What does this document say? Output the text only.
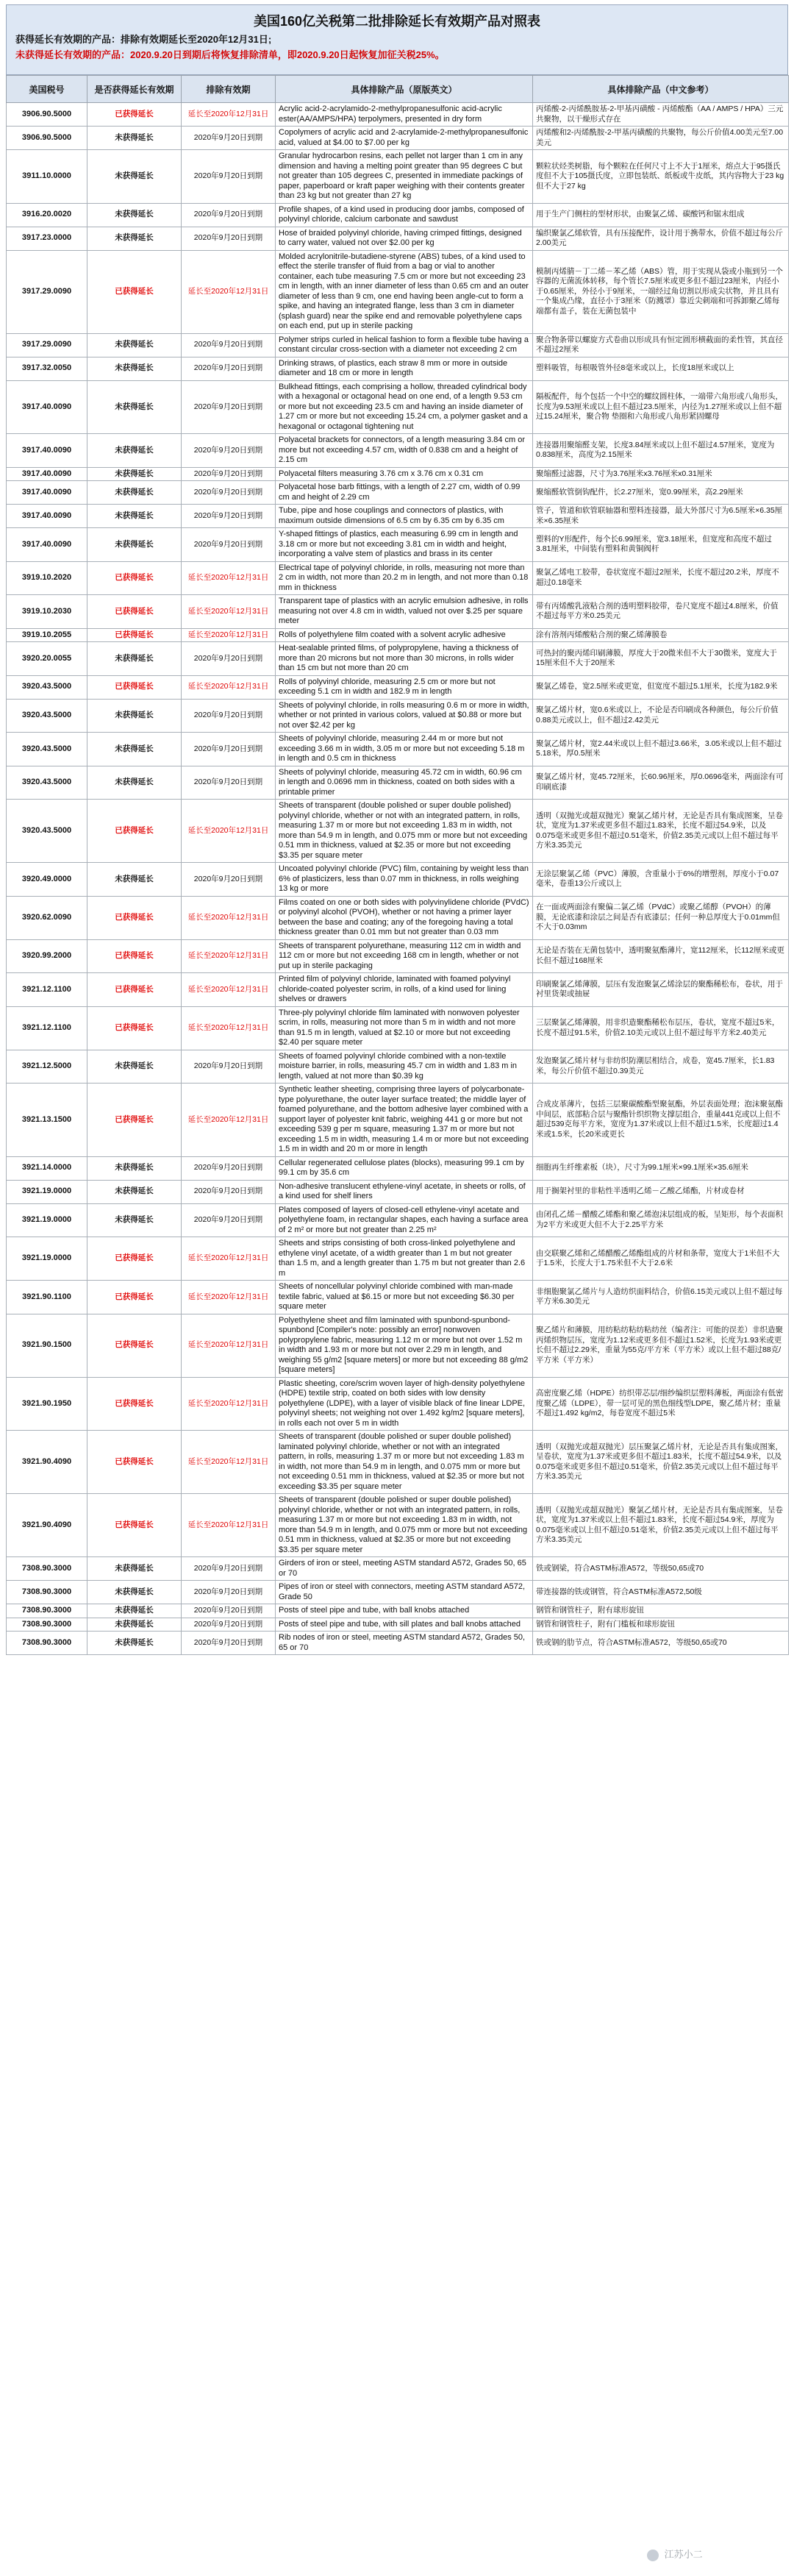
美国160亿关税第二批排除延长有效期产品对照表
获得延长有效期的产品：排除有效期延长至2020年12月31日;
未获得延长有效期的产品：2020.9.20日到期后将恢复排除清单，即2020.9.20日起恢复加征关税25%。
美国税号	是否获得延长有效期	排除有效期	具体排除产品（原版英文）	具体排除产品（中文参考）
3906.90.5000	已获得延长	延长至2020年12月31日	Acrylic acid-2-acrylamido-2-methylpropanesulfonic acid-acrylic ester(AA/AMPS/HPA) terpolymers, presented in dry form	丙烯酸-2-丙烯酰胺基-2-甲基丙磺酸 - 丙烯酸酯（AA / AMPS / HPA）三元共聚物，以干燥形式存在
3906.90.5000	未获得延长	2020年9月20日到期	Copolymers of acrylic acid and 2-acrylamide-2-methylpropanesulfonic acid, valued at $4.00 to $7.00 per kg	丙烯酸和2-丙烯酰胺-2-甲基丙磺酸的共聚物，每公斤价值4.00美元至7.00美元
3911.10.0000	未获得延长	2020年9月20日到期	Granular hydrocarbon resins, each pellet not larger than 1 cm in any dimension and having a melting point greater than 95 degrees C but not greater than 105 degrees C, presented in immediate packings of paper, paperboard or kraft paper weighing with their contents greater than 23 kg but not greater than 27 kg	颗粒状烃类树脂，每个颗粒在任何尺寸上不大于1厘米，熔点大于95摄氏度但不大于105摄氏度，立即包装纸、纸板或牛皮纸，其内容物大于23 kg但不大于27 kg
3916.20.0020	未获得延长	2020年9月20日到期	Profile shapes, of a kind used in producing door jambs, composed of polyvinyl chloride, calcium carbonate and sawdust	用于生产门侧柱的型材形状，由聚氯乙烯、碳酸钙和锯末组成
3917.23.0000	未获得延长	2020年9月20日到期	Hose of braided polyvinyl chloride, having crimped fittings, designed to carry water, valued not over $2.00 per kg	编织聚氯乙烯软管，具有压接配件，设计用于携带水，价值不超过每公斤2.00美元
3917.29.0090	已获得延长	延长至2020年12月31日	Molded acrylonitrile-butadiene-styrene (ABS) tubes, of a kind used to effect the sterile transfer of fluid from a bag or vial to another container, each tube measuring 7.5 cm or more but not exceeding 23 cm in length, with an inner diameter of less than 0.65 cm and an outer diameter of less than 9 cm, one end having been angle-cut to form a spike, and having an integrated flange, less than 3 cm in diameter (splash guard) near the spike end and removable polyethylene caps on each end, put up in sterile packing	模制丙烯腈－丁二烯－苯乙烯（ABS）管，用于实现从袋或小瓶到另一个容器的无菌流体转移，每个管长7.5厘米或更多但不超过23厘米，内径小于0.65厘米，外径小于9厘米，一端经过角切割以形成尖状物，并且具有一个集成凸缘，直径小于3厘米（防溅罩）靠近尖刺端和可拆卸聚乙烯每端都有盖子，装在无菌包装中
3917.29.0090	未获得延长	2020年9月20日到期	Polymer strips curled in helical fashion to form a flexible tube having a constant circular cross-section with a diameter not exceeding 2 cm	聚合物条带以螺旋方式卷曲以形成具有恒定圆形横截面的柔性管，其直径不超过2厘米
3917.32.0050	未获得延长	2020年9月20日到期	Drinking straws, of plastics, each straw 8 mm or more in outside diameter and 18 cm or more in length	塑料吸管，每根吸管外径8毫米或以上，长度18厘米或以上
3917.40.0090	未获得延长	2020年9月20日到期	Bulkhead fittings, each comprising a hollow, threaded cylindrical body with a hexagonal or octagonal head on one end, of a length 9.53 cm or more but not exceeding 23.5 cm and having an inside diameter of 1.27 cm or more but not exceeding 15.24 cm, a polymer gasket and a hexagonal or octagonal tightening nut	隔板配件，每个包括一个中空的螺纹圆柱体，一端带六角形或八角形头，长度为9.53厘米或以上但不超过23.5厘米，内径为1.27厘米或以上但不超过15.24厘米，聚合物 垫圈和六角形或八角形紧固螺母
3917.40.0090	未获得延长	2020年9月20日到期	Polyacetal brackets for connectors, of a length measuring 3.84 cm or more but not exceeding 4.57 cm, width of 0.838 cm and a height of 2.15 cm	连接器用聚缩醛支架，长度3.84厘米或以上但不超过4.57厘米，宽度为0.838厘米，高度为2.15厘米
3917.40.0090	未获得延长	2020年9月20日到期	Polyacetal filters measuring 3.76 cm x 3.76 cm x 0.31 cm	聚缩醛过滤器，尺寸为3.76厘米x3.76厘米x0.31厘米
3917.40.0090	未获得延长	2020年9月20日到期	Polyacetal hose barb fittings, with a length of 2.27 cm, width of 0.99 cm and height of 2.29 cm	聚缩醛软管倒钩配件，长2.27厘米，宽0.99厘米，高2.29厘米
3917.40.0090	未获得延长	2020年9月20日到期	Tube, pipe and hose couplings and connectors of plastics, with maximum outside dimensions of 6.5 cm by 6.35 cm by 6.35 cm	管子，管道和软管联轴器和塑料连接器，最大外部尺寸为6.5厘米×6.35厘米×6.35厘米
3917.40.0090	未获得延长	2020年9月20日到期	Y-shaped fittings of plastics, each measuring 6.99 cm in length and 3.18 cm or more but not exceeding 3.81 cm in width and height, incorporating a valve stem of plastics and brass in its center	塑料的Y形配件，每个长6.99厘米，宽3.18厘米，但宽度和高度不超过3.81厘米，中间装有塑料和黄铜阀杆
3919.10.2020	已获得延长	延长至2020年12月31日	Electrical tape of polyvinyl chloride, in rolls, measuring not more than 2 cm in width, not more than 20.2 m in length, and not more than 0.18 mm in thickness	聚氯乙烯电工胶带，卷状宽度不超过2厘米，长度不超过20.2米，厚度不超过0.18毫米
3919.10.2030	已获得延长	延长至2020年12月31日	Transparent tape of plastics with an acrylic emulsion adhesive, in rolls measuring not over 4.8 cm in width, valued not over $.25 per square meter	带有丙烯酸乳液粘合剂的透明塑料胶带，卷尺宽度不超过4.8厘米，价值不超过每平方米0.25美元
3919.10.2055	已获得延长	延长至2020年12月31日	Rolls of polyethylene film coated with a solvent acrylic adhesive	涂有溶剂丙烯酸粘合剂的聚乙烯薄膜卷
3920.20.0055	未获得延长	2020年9月20日到期	Heat-sealable printed films, of polypropylene, having a thickness of more than 20 microns but not more than 30 microns, in rolls wider than 15 cm but not more than 20 cm	可热封的聚丙烯印刷薄膜，厚度大于20微米但不大于30微米，宽度大于15厘米但不大于20厘米
3920.43.5000	已获得延长	延长至2020年12月31日	Rolls of polyvinyl chloride, measuring 2.5 cm or more but not exceeding 5.1 cm in width and 182.9 m in length	聚氯乙烯卷，宽2.5厘米或更宽，但宽度不超过5.1厘米，长度为182.9米
3920.43.5000	未获得延长	2020年9月20日到期	Sheets of polyvinyl chloride, in rolls measuring 0.6 m or more in width, whether or not printed in various colors, valued at $0.88 or more but not over $2.42 per kg	聚氯乙烯片材，宽0.6米或以上，不论是否印刷成各种颜色，每公斤价值0.88美元或以上，但不超过2.42美元
3920.43.5000	未获得延长	2020年9月20日到期	Sheets of polyvinyl chloride, measuring 2.44 m or more but not exceeding 3.66 m in width, 3.05 m or more but not exceeding 5.18 m in length and 0.5 cm in thickness	聚氯乙烯片材，宽2.44米或以上但不超过3.66米，3.05米或以上但不超过5.18米，厚0.5厘米
3920.43.5000	未获得延长	2020年9月20日到期	Sheets of polyvinyl chloride, measuring 45.72 cm in width, 60.96 cm in length and 0.0696 mm in thickness, coated on both sides with a printable primer	聚氯乙烯片材，宽45.72厘米，长60.96厘米，厚0.0696毫米，两面涂有可印刷底漆
3920.43.5000	已获得延长	延长至2020年12月31日	Sheets of transparent (double polished or super double polished) polyvinyl chloride, whether or not with an integrated pattern, in rolls, measuring 1.37 m or more but not exceeding 1.83 m in width, not more than 54.9 m in length, and 0.075 mm or more but not exceeding 0.51 mm in thickness, valued at $2.35 or more but not exceeding $3.35 per square meter	透明（双抛光或超双抛光）聚氯乙烯片材，无论是否具有集成图案，呈卷状，宽度为1.37米或更多但不超过1.83米，长度不超过54.9米，以及0.075毫米或更多但不超过0.51毫米，价值2.35美元或以上但不超过每平方米3.35美元
3920.49.0000	未获得延长	2020年9月20日到期	Uncoated polyvinyl chloride (PVC) film, containing by weight less than 6% of plasticizers, less than 0.07 mm in thickness, in rolls weighing 13 kg or more	无涂层聚氯乙烯（PVC）薄膜，含重量小于6%的增塑剂，厚度小于0.07毫米，卷重13公斤或以上
3920.62.0090	已获得延长	延长至2020年12月31日	Films coated on one or both sides with polyvinylidene chloride (PVdC) or polyvinyl alcohol (PVOH), whether or not having a primer layer between the base and coating; any of the foregoing having a total thickness greater than 0.01 mm but not greater than 0.03 mm	在一面或两面涂有聚偏二氯乙烯（PVdC）或聚乙烯醇（PVOH）的薄膜，无论底漆和涂层之间是否有底漆层；任何一种总厚度大于0.01mm但不大于0.03mm
3920.99.2000	已获得延长	延长至2020年12月31日	Sheets of transparent polyurethane, measuring 112 cm in width and 112 cm or more but not exceeding 168 cm in length, whether or not put up in sterile packaging	无论是否装在无菌包装中，透明聚氨酯薄片，宽112厘米，长112厘米或更长但不超过168厘米
3921.12.1100	已获得延长	延长至2020年12月31日	Printed film of polyvinyl chloride, laminated with foamed polyvinyl chloride-coated polyester scrim, in rolls, of a kind used for lining shelves or drawers	印刷聚氯乙烯薄膜，层压有发泡聚氯乙烯涂层的聚酯稀松布，卷状，用于衬里货架或抽屉
3921.12.1100	已获得延长	延长至2020年12月31日	Three-ply polyvinyl chloride film laminated with nonwoven polyester scrim, in rolls, measuring not more than 5 m in width and not more than 91.5 m in length, valued at $2.10 or more but not exceeding $2.40 per square meter	三层聚氯乙烯薄膜，用非织造聚酯稀松布层压，卷状，宽度不超过5米，长度不超过91.5米，价值2.10美元或以上但不超过每平方米2.40美元
3921.12.5000	未获得延长	2020年9月20日到期	Sheets of foamed polyvinyl chloride combined with a non-textile moisture barrier, in rolls, measuring 45.7 cm in width and 1.83 m in length, valued at not more than $0.39 kg	发泡聚氯乙烯片材与非纺织防潮层相结合，成卷，宽45.7厘米，长1.83米，每公斤价值不超过0.39美元
3921.13.1500	已获得延长	延长至2020年12月31日	Synthetic leather sheeting, comprising three layers of polycarbonate-type polyurethane, the outer layer surface treated; the middle layer of foamed polyurethane, and the bottom adhesive layer combined with a support layer of polyester knit fabric, weighing 441 g or more but not exceeding 539 g per m square, measuring 1.37 m or more but not exceeding 1.5 m in width, measuring 1.4 m or more but not exceeding 1.5 m in width and 20 m or more in length	合成皮革薄片，包括三层聚碳酸酯型聚氨酯，外层表面处理；泡沫聚氨酯中间层，底部粘合层与聚酯针织织物支撑层组合，重量441克或以上但不超过539克每平方米，宽度为1.37米或以上但不超过1.5米，长度超过1.4米或1.5米，长20米或更长
3921.14.0000	未获得延长	2020年9月20日到期	Cellular regenerated cellulose plates (blocks), measuring 99.1 cm by 99.1 cm by 35.6 cm	细胞再生纤维素板（块），尺寸为99.1厘米×99.1厘米×35.6厘米
3921.19.0000	未获得延长	2020年9月20日到期	Non-adhesive translucent ethylene-vinyl acetate, in sheets or rolls, of a kind used for shelf liners	用于搁架衬里的非粘性半透明乙烯－乙酸乙烯酯，片材或卷材
3921.19.0000	未获得延长	2020年9月20日到期	Plates composed of layers of closed-cell ethylene-vinyl acetate and polyethylene foam, in rectangular shapes, each having a surface area of 2 m² or more but not greater than 2.25 m²	由闭孔乙烯－醋酸乙烯酯和聚乙烯泡沫层组成的板，呈矩形，每个表面积为2平方米或更大但不大于2.25平方米
3921.19.0000	已获得延长	延长至2020年12月31日	Sheets and strips consisting of both cross-linked polyethylene and ethylene vinyl acetate, of a width greater than 1 m but not greater than 1.5 m, and a length greater than 1.75 m but not greater than 2.6 m	由交联聚乙烯和乙烯醋酸乙烯酯组成的片材和条带，宽度大于1米但不大于1.5米，长度大于1.75米但不大于2.6米
3921.90.1100	已获得延长	延长至2020年12月31日	Sheets of noncellular polyvinyl chloride combined with man-made textile fabric, valued at $6.15 or more but not exceeding $6.30 per square meter	非细胞聚氯乙烯片与人造纺织面料结合，价值6.15美元或以上但不超过每平方米6.30美元
3921.90.1500	已获得延长	延长至2020年12月31日	Polyethylene sheet and film laminated with spunbond-spunbond-spunbond [Compiler's note: possibly an error] nonwoven polypropylene fabric, measuring 1.12 m or more but not over 1.52 m in width and 1.93 m or more but not over 2.29 m in length, and weighing 55 g/m2 [square meters] or more but not exceeding 88 g/m2 [square meters]	聚乙烯片和薄膜，用纺粘纺粘纺粘纺丝（编者注：可能的误差）非织造聚丙烯织物层压，宽度为1.12米或更多但不超过1.52米，长度为1.93米或更长但不超过2.29米，重量为55克/平方米（平方米）或以上但不超过88克/平方米（平方米）
3921.90.1950	已获得延长	延长至2020年12月31日	Plastic sheeting, core/scrim woven layer of high-density polyethylene (HDPE) textile strip, coated on both sides with low density polyethylene (LDPE), with a layer of visible black of fine linear LDPE, polyvinyl sheets; not weighing not over 1.492 kg/m2 [square meters], in rolls each not over 5 m in width	高密度聚乙烯（HDPE）纺织带芯层/细纱编织层塑料薄板，两面涂有低密度聚乙烯（LDPE），带一层可见的黑色细线型LDPE，聚乙烯片材；重量不超过1.492 kg/m2，每卷宽度不超过5米
3921.90.4090	已获得延长	延长至2020年12月31日	Sheets of transparent (double polished or super double polished) laminated polyvinyl chloride, whether or not with an integrated pattern, in rolls, measuring 1.37 m or more but not exceeding 1.83 m in width, not more than 54.9 m in length, and 0.075 mm or more but not exceeding 0.51 mm in thickness, valued at $2.35 or more but not exceeding $3.35 per square meter	透明（双抛光或超双抛光）层压聚氯乙烯片材，无论是否具有集成图案，呈卷状，宽度为1.37米或更多但不超过1.83米，长度不超过54.9米，以及0.075毫米或更多但不超过0.51毫米，价值2.35美元或以上但不超过每平方米3.35美元
3921.90.4090	已获得延长	延长至2020年12月31日	Sheets of transparent (double polished or super double polished) polyvinyl chloride, whether or not with an integrated pattern, in rolls, measuring 1.37 m or more but not exceeding 1.83 m in width, not more than 54.9 m in length, and 0.075 mm or more but not exceeding 0.51 mm in thickness, valued at $2.35 or more but not exceeding $3.35 per square meter	透明（双抛光或超双抛光）聚氯乙烯片材，无论是否具有集成图案，呈卷状，宽度为1.37米或以上但不超过1.83米，长度不超过54.9米，厚度为0.075毫米或以上但不超过0.51毫米，价值2.35美元或以上但不超过每平方米3.35美元
7308.90.3000	未获得延长	2020年9月20日到期	Girders of iron or steel, meeting ASTM standard A572, Grades 50, 65 or 70	铁或钢梁，符合ASTM标准A572，等级50,65或70
7308.90.3000	未获得延长	2020年9月20日到期	Pipes of iron or steel with connectors, meeting ASTM standard A572, Grade 50	带连接器的铁或钢管，符合ASTM标准A572,50级
7308.90.3000	未获得延长	2020年9月20日到期	Posts of steel pipe and tube, with ball knobs attached	钢管和钢管柱子，附有球形旋钮
7308.90.3000	未获得延长	2020年9月20日到期	Posts of steel pipe and tube, with sill plates and ball knobs attached	钢管和钢管柱子，附有门槛板和球形旋钮
7308.90.3000	未获得延长	2020年9月20日到期	Rib nodes of iron or steel, meeting ASTM standard A572, Grades 50, 65 or 70	铁或钢的肋节点，符合ASTM标准A572，等级50,65或70
江苏小二
